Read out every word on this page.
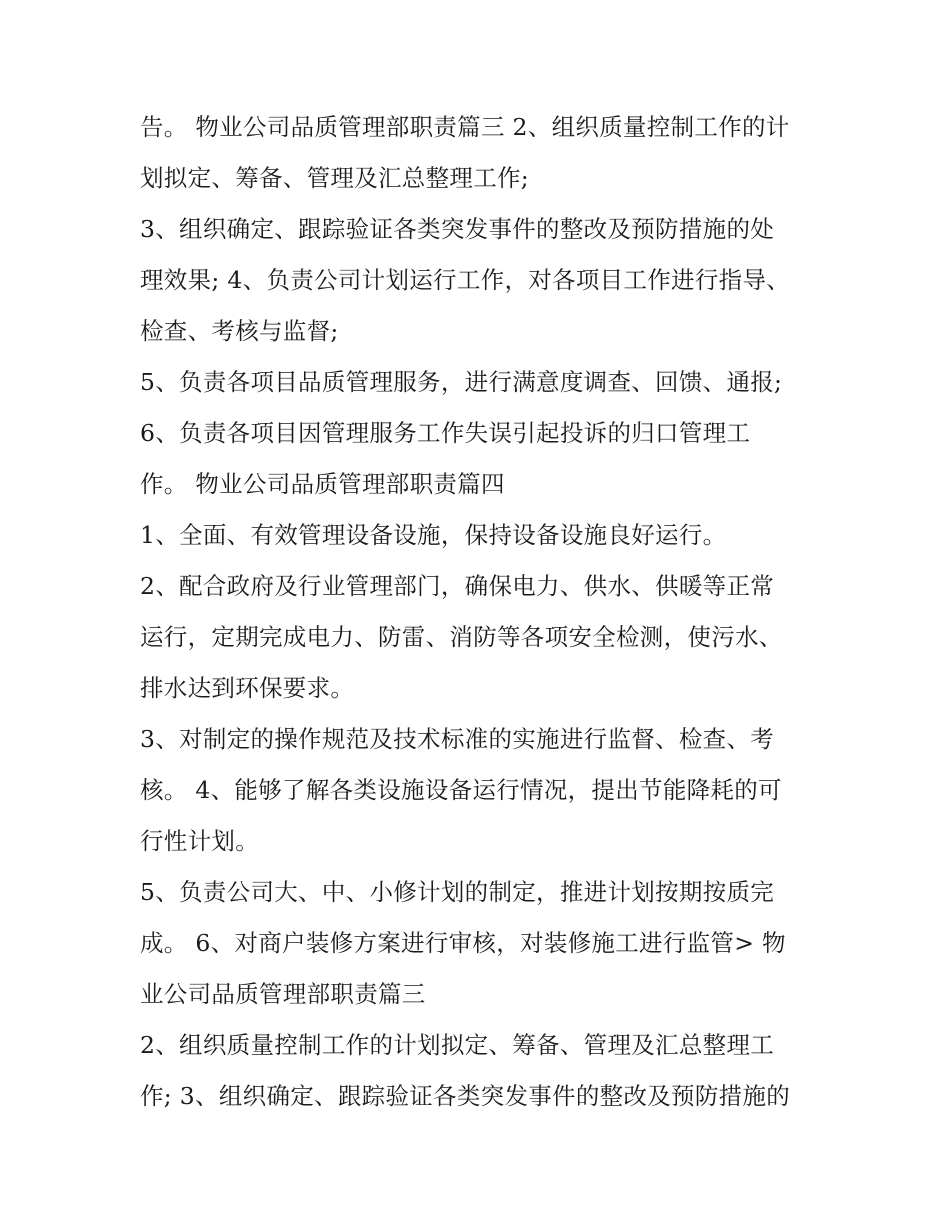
告。 物业公司品质管理部职责篇三 2、组织质量控制工作的计
划拟定、筹备、管理及汇总整理工作;
3、组织确定、跟踪验证各类突发事件的整改及预防措施的处
理效果; 4、负责公司计划运行工作，对各项目工作进行指导、
检查、考核与监督;
5、负责各项目品质管理服务，进行满意度调查、回馈、通报;
6、负责各项目因管理服务工作失误引起投诉的归口管理工
作。 物业公司品质管理部职责篇四
1、全面、有效管理设备设施，保持设备设施良好运行。
2、配合政府及行业管理部门，确保电力、供水、供暖等正常
运行，定期完成电力、防雷、消防等各项安全检测，使污水、
排水达到环保要求。
3、对制定的操作规范及技术标准的实施进行监督、检查、考
核。 4、能够了解各类设施设备运行情况，提出节能降耗的可
行性计划。
5、负责公司大、中、小修计划的制定，推进计划按期按质完
成。 6、对商户装修方案进行审核，对装修施工进行监管> 物
业公司品质管理部职责篇三
2、组织质量控制工作的计划拟定、筹备、管理及汇总整理工
作; 3、组织确定、跟踪验证各类突发事件的整改及预防措施的
